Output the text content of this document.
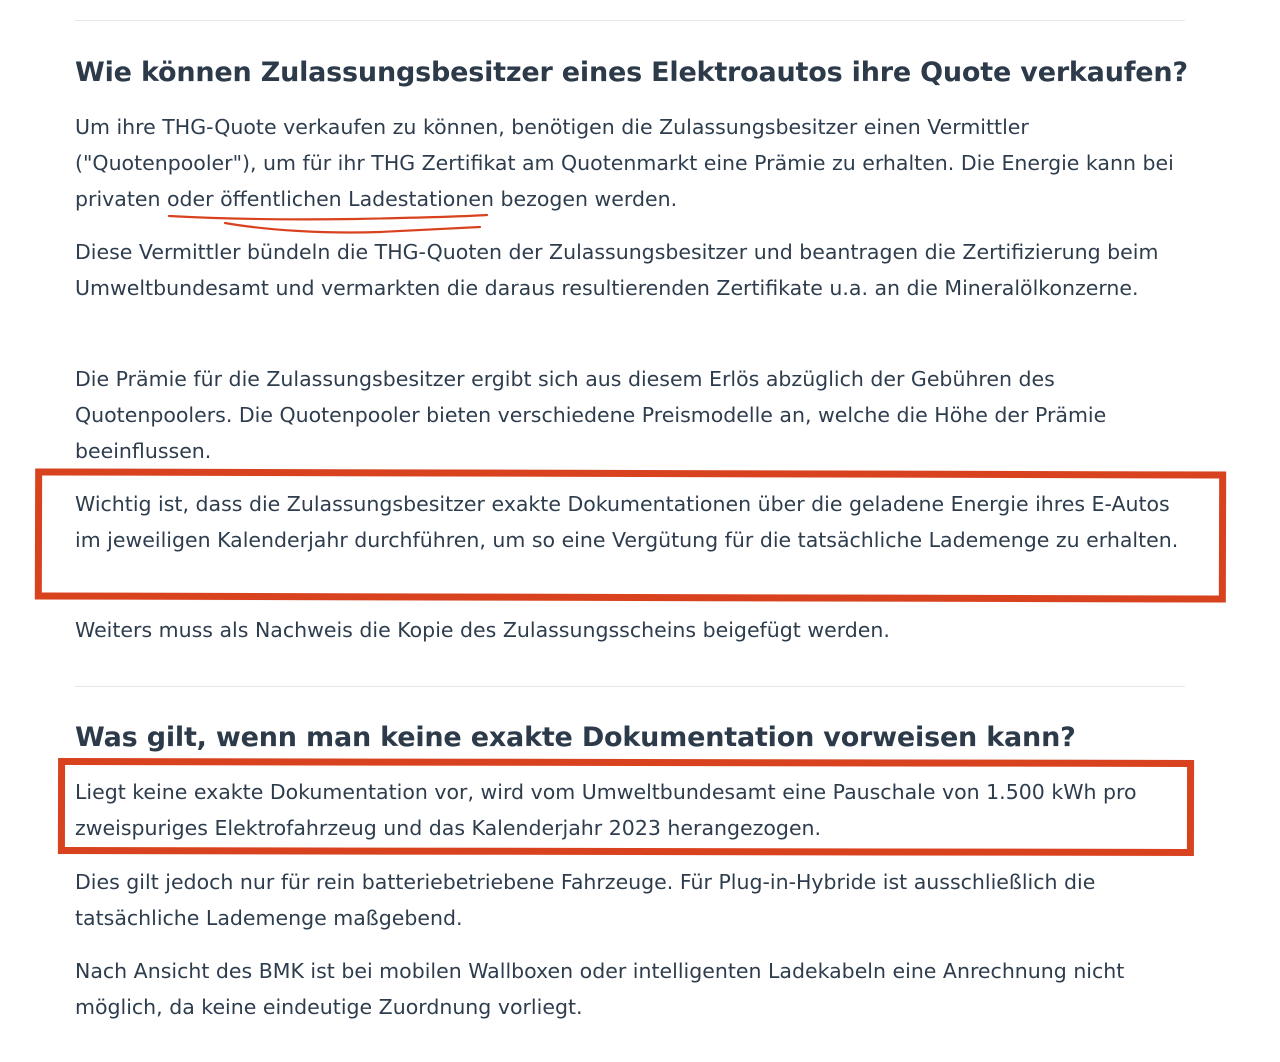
Wie können Zulassungsbesitzer eines Elektroautos ihre Quote verkaufen?

Um ihre THG-Quote verkaufen zu können, benötigen die Zulassungsbesitzer einen Vermittler ("Quotenpooler"), um für ihr THG Zertifikat am Quotenmarkt eine Prämie zu erhalten. Die Energie kann bei privaten oder öffentlichen Ladestationen bezogen werden.

Diese Vermittler bündeln die THG-Quoten der Zulassungsbesitzer und beantragen die Zertifizierung beim Umweltbundesamt und vermarkten die daraus resultierenden Zertifikate u.a. an die Mineralölkonzerne.

Die Prämie für die Zulassungsbesitzer ergibt sich aus diesem Erlös abzüglich der Gebühren des Quotenpoolers. Die Quotenpooler bieten verschiedene Preismodelle an, welche die Höhe der Prämie beeinflussen.

Wichtig ist, dass die Zulassungsbesitzer exakte Dokumentationen über die geladene Energie ihres E-Autos im jeweiligen Kalenderjahr durchführen, um so eine Vergütung für die tatsächliche Lademenge zu erhalten.

Weiters muss als Nachweis die Kopie des Zulassungsscheins beigefügt werden.

Was gilt, wenn man keine exakte Dokumentation vorweisen kann?

Liegt keine exakte Dokumentation vor, wird vom Umweltbundesamt eine Pauschale von 1.500 kWh pro zweispuriges Elektrofahrzeug und das Kalenderjahr 2023 herangezogen.

Dies gilt jedoch nur für rein batteriebetriebene Fahrzeuge. Für Plug-in-Hybride ist ausschließlich die tatsächliche Lademenge maßgebend.

Nach Ansicht des BMK ist bei mobilen Wallboxen oder intelligenten Ladekabeln eine Anrechnung nicht möglich, da keine eindeutige Zuordnung vorliegt.
